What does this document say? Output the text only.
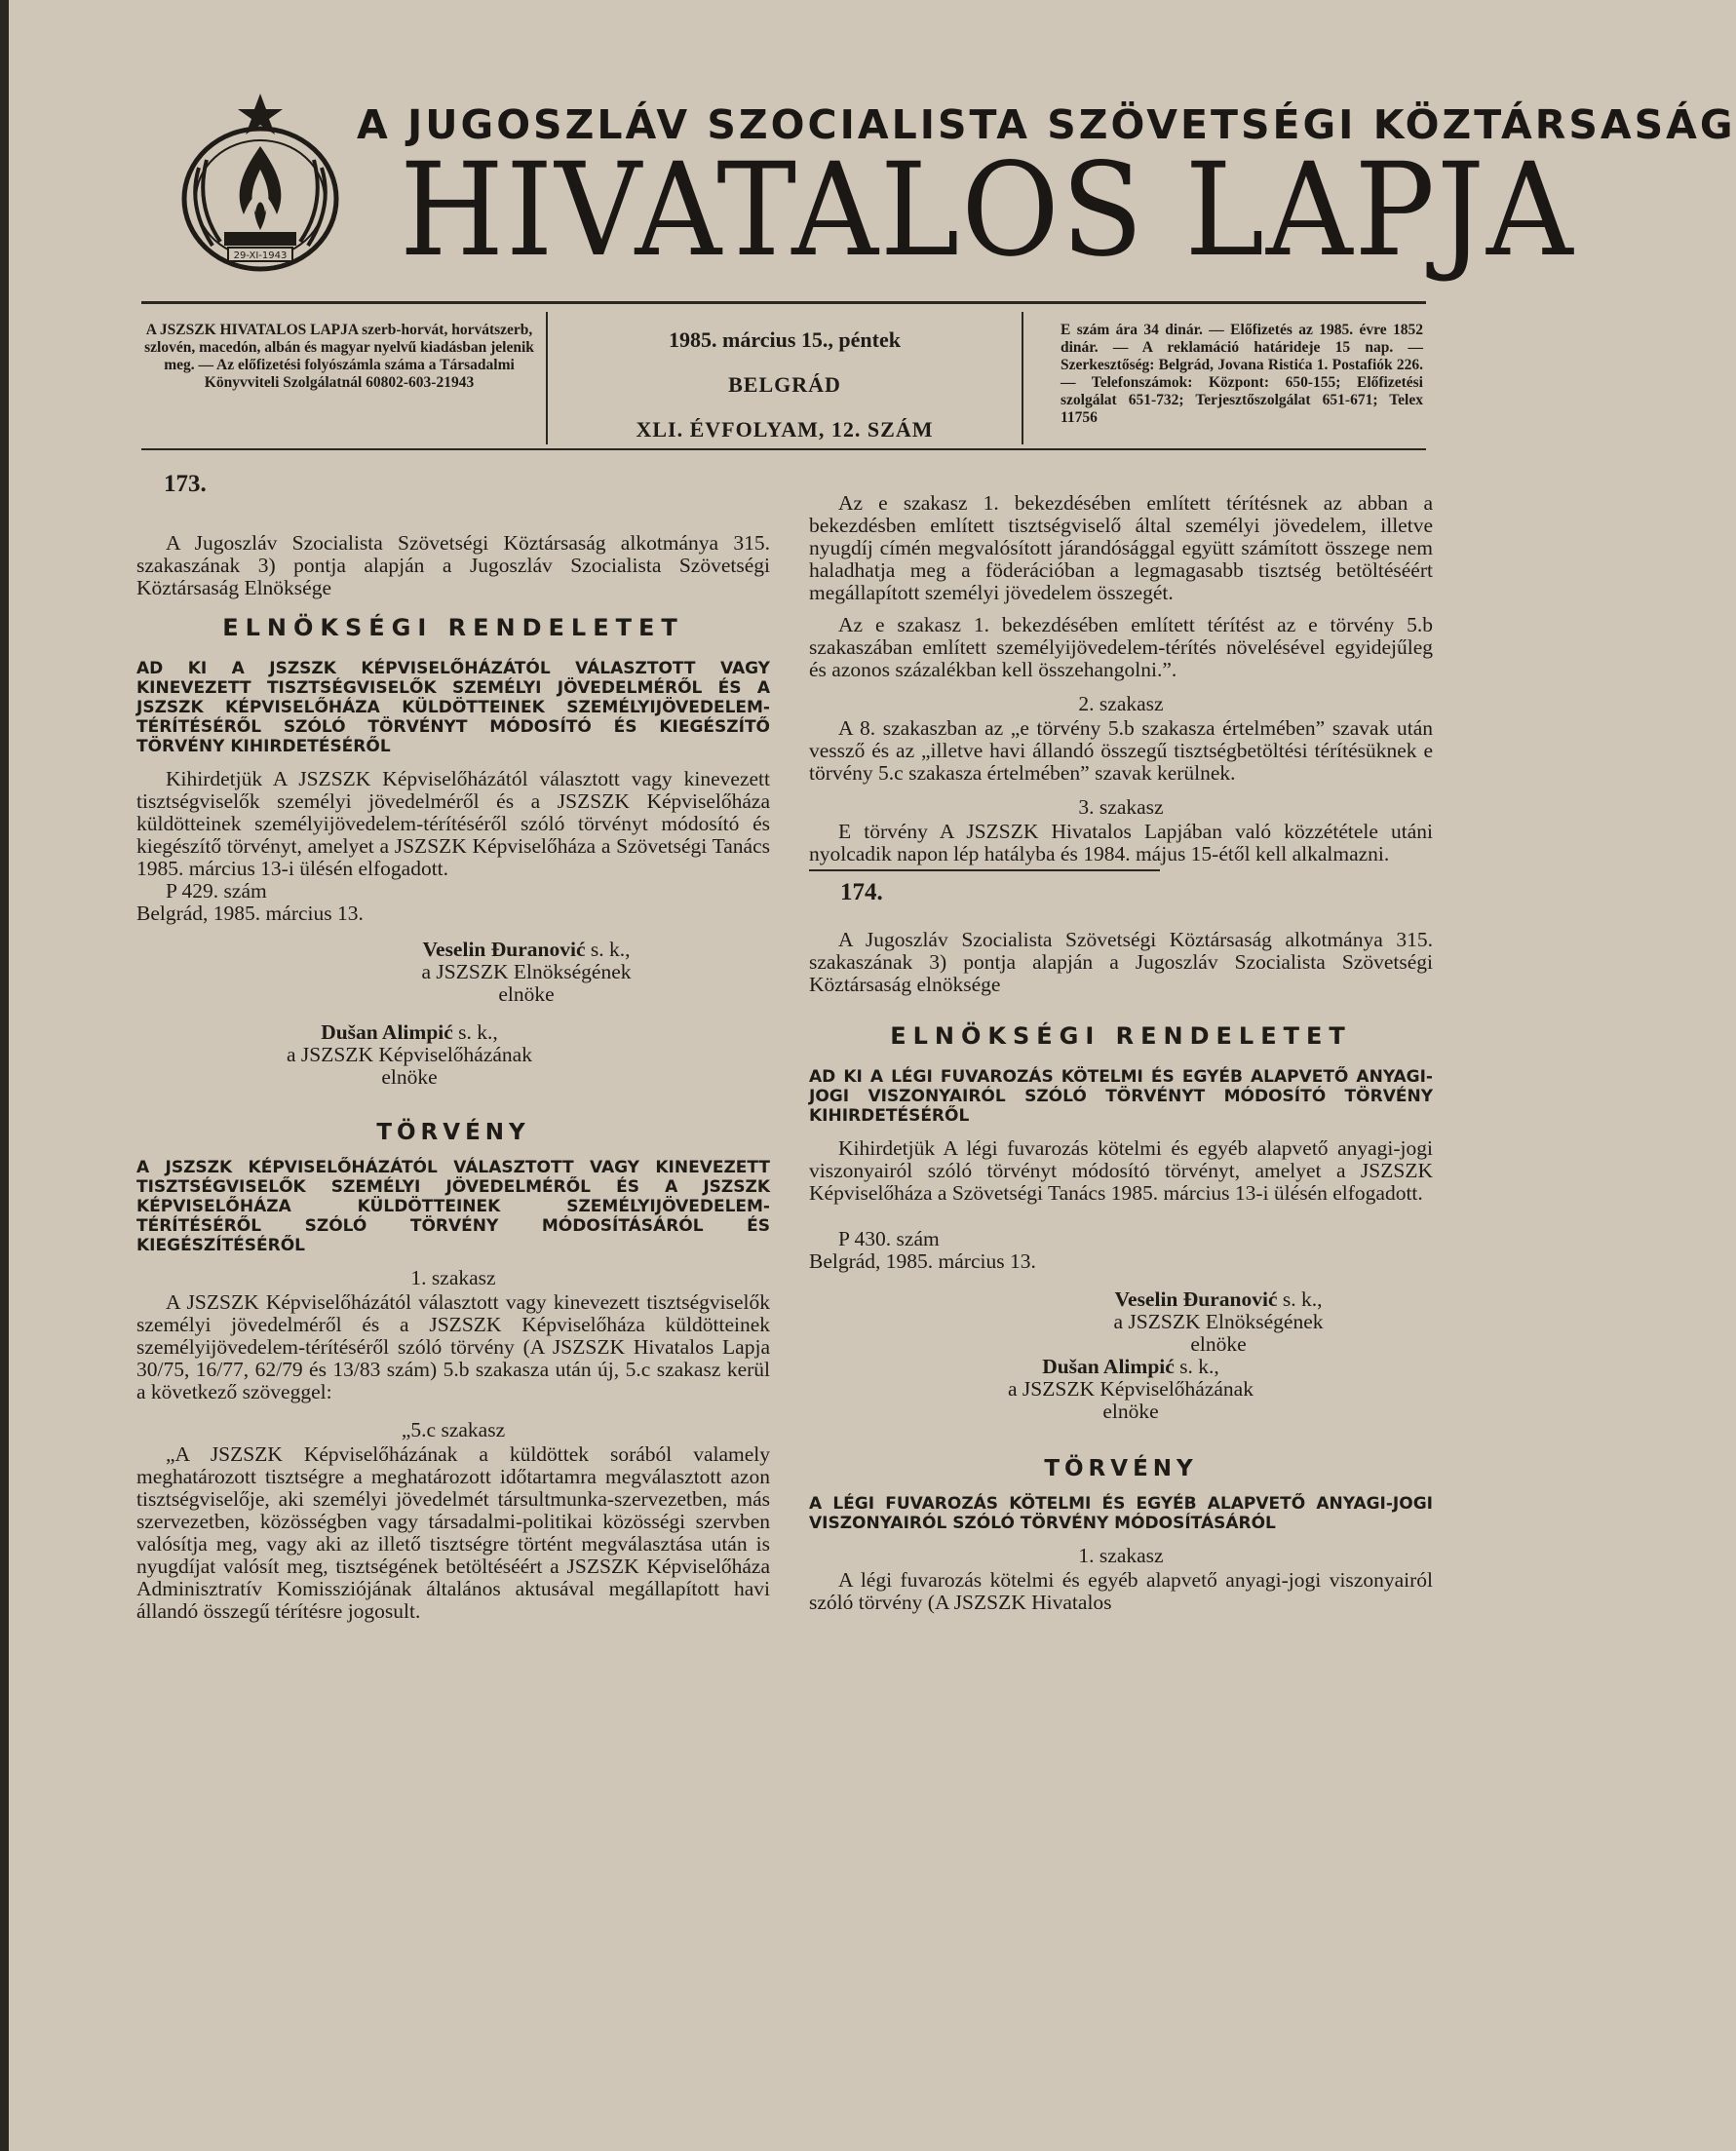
29-XI-1943
A JUGOSZLÁV SZOCIALISTA SZÖVETSÉGI KÖZTÁRSASÁG
HIVATALOS LAPJA
A JSZSZK HIVATALOS LAPJA szerb-horvát, horvátszerb, szlovén, macedón, albán és magyar nyelvű kiadásban jelenik meg. — Az előfizetési folyószámla száma a Társadalmi Könyvviteli Szolgálatnál 60802-603-21943
1985. március 15., péntek
BELGRÁD
XLI. ÉVFOLYAM, 12. SZÁM
E szám ára 34 dinár. — Előfizetés az 1985. évre 1852 dinár. — A reklamáció határideje 15 nap. — Szerkesztőség: Belgrád, Jovana Ristića 1. Postafiók 226. — Telefonszámok: Központ: 650-155; Előfizetési szolgálat 651-732; Terjesztőszolgálat 651-671; Telex 11756
173.

A Jugoszláv Szocialista Szövetségi Köztársaság alkotmánya 315. szakaszának 3) pontja alapján a Jugoszláv Szocialista Szövetségi Köztársaság Elnöksége

ELNÖKSÉGI RENDELETET
AD KI A JSZSZK KÉPVISELŐHÁZÁTÓL VÁLASZTOTT VAGY KINEVEZETT TISZTSÉGVISELŐK SZEMÉLYI JÖVEDELMÉRŐL ÉS A JSZSZK KÉPVISELŐHÁZA KÜLDÖTTEINEK SZEMÉLYIJÖVEDELEM-TÉRÍTÉSÉRŐL SZÓLÓ TÖRVÉNYT MÓDOSÍTÓ ÉS KIEGÉSZÍTŐ TÖRVÉNY KIHIRDETÉSÉRŐL

Kihirdetjük A JSZSZK Képviselőházától választott vagy kinevezett tisztségviselők személyi jövedelméről és a JSZSZK Képviselőháza küldötteinek személyijövedelem-térítéséről szóló törvényt módosító és kiegészítő törvényt, amelyet a JSZSZK Képviselőháza a Szövetségi Tanács 1985. március 13-i ülésén elfogadott.

P 429. szám

Belgrád, 1985. március 13.

Veselin Đuranović s. k.,
a JSZSZK Elnökségének
elnöke
Dušan Alimpić s. k.,
a JSZSZK Képviselőházának
elnöke
TÖRVÉNY
A JSZSZK KÉPVISELŐHÁZÁTÓL VÁLASZTOTT VAGY KINEVEZETT TISZTSÉGVISELŐK SZEMÉLYI JÖVEDELMÉRŐL ÉS A JSZSZK KÉPVISELŐHÁZA KÜLDÖTTEINEK SZEMÉLYIJÖVEDELEM-TÉRÍTÉSÉRŐL SZÓLÓ TÖRVÉNY MÓDOSÍTÁSÁRÓL ÉS KIEGÉSZÍTÉSÉRŐL
1. szakasz

A JSZSZK Képviselőházától választott vagy kinevezett tisztségviselők személyi jövedelméről és a JSZSZK Képviselőháza küldötteinek személyijövedelem-térítéséről szóló törvény (A JSZSZK Hivatalos Lapja 30/75, 16/77, 62/79 és 13/83 szám) 5.b szakasza után új, 5.c szakasz kerül a következő szöveggel:

„5.c szakasz

„A JSZSZK Képviselőházának a küldöttek sorából valamely meghatározott tisztségre a meghatározott időtartamra megválasztott azon tisztségviselője, aki személyi jövedelmét társultmunka-szervezetben, más szervezetben, közösségben vagy társadalmi-politikai közösségi szervben valósítja meg, vagy aki az illető tisztségre történt megválasztása után is nyugdíjat valósít meg, tisztségének betöltéséért a JSZSZK Képviselőháza Adminisztratív Komissziójának általános aktusával megállapított havi állandó összegű térítésre jogosult.

Az e szakasz 1. bekezdésében említett térítésnek az abban a bekezdésben említett tisztségviselő által személyi jövedelem, illetve nyugdíj címén megvalósított járandósággal együtt számított összege nem haladhatja meg a föderációban a legmagasabb tisztség betöltéséért megállapított személyi jövedelem összegét.

Az e szakasz 1. bekezdésében említett térítést az e törvény 5.b szakaszában említett személyijövedelem-térítés növelésével egyidejűleg és azonos százalékban kell összehangolni.”.

2. szakasz

A 8. szakaszban az „e törvény 5.b szakasza értelmében” szavak után vessző és az „illetve havi állandó összegű tisztségbetöltési térítésüknek e törvény 5.c szakasza értelmében” szavak kerülnek.

3. szakasz

E törvény A JSZSZK Hivatalos Lapjában való közzététele utáni nyolcadik napon lép hatályba és 1984. május 15-étől kell alkalmazni.

174.

A Jugoszláv Szocialista Szövetségi Köztársaság alkotmánya 315. szakaszának 3) pontja alapján a Jugoszláv Szocialista Szövetségi Köztársaság elnöksége

ELNÖKSÉGI RENDELETET
AD KI A LÉGI FUVAROZÁS KÖTELMI ÉS EGYÉB ALAPVETŐ ANYAGI-JOGI VISZONYAIRÓL SZÓLÓ TÖRVÉNYT MÓDOSÍTÓ TÖRVÉNY KIHIRDETÉSÉRŐL

Kihirdetjük A légi fuvarozás kötelmi és egyéb alapvető anyagi-jogi viszonyairól szóló törvényt módosító törvényt, amelyet a JSZSZK Képviselőháza a Szövetségi Tanács 1985. március 13-i ülésén elfogadott.

P 430. szám

Belgrád, 1985. március 13.

Veselin Đuranović s. k.,
a JSZSZK Elnökségének
elnöke
Dušan Alimpić s. k.,
a JSZSZK Képviselőházának
elnöke
TÖRVÉNY
A LÉGI FUVAROZÁS KÖTELMI ÉS EGYÉB ALAPVETŐ ANYAGI-JOGI VISZONYAIRÓL SZÓLÓ TÖRVÉNY MÓDOSÍTÁSÁRÓL
1. szakasz

A légi fuvarozás kötelmi és egyéb alapvető anyagi-jogi viszonyairól szóló törvény (A JSZSZK Hivatalos
